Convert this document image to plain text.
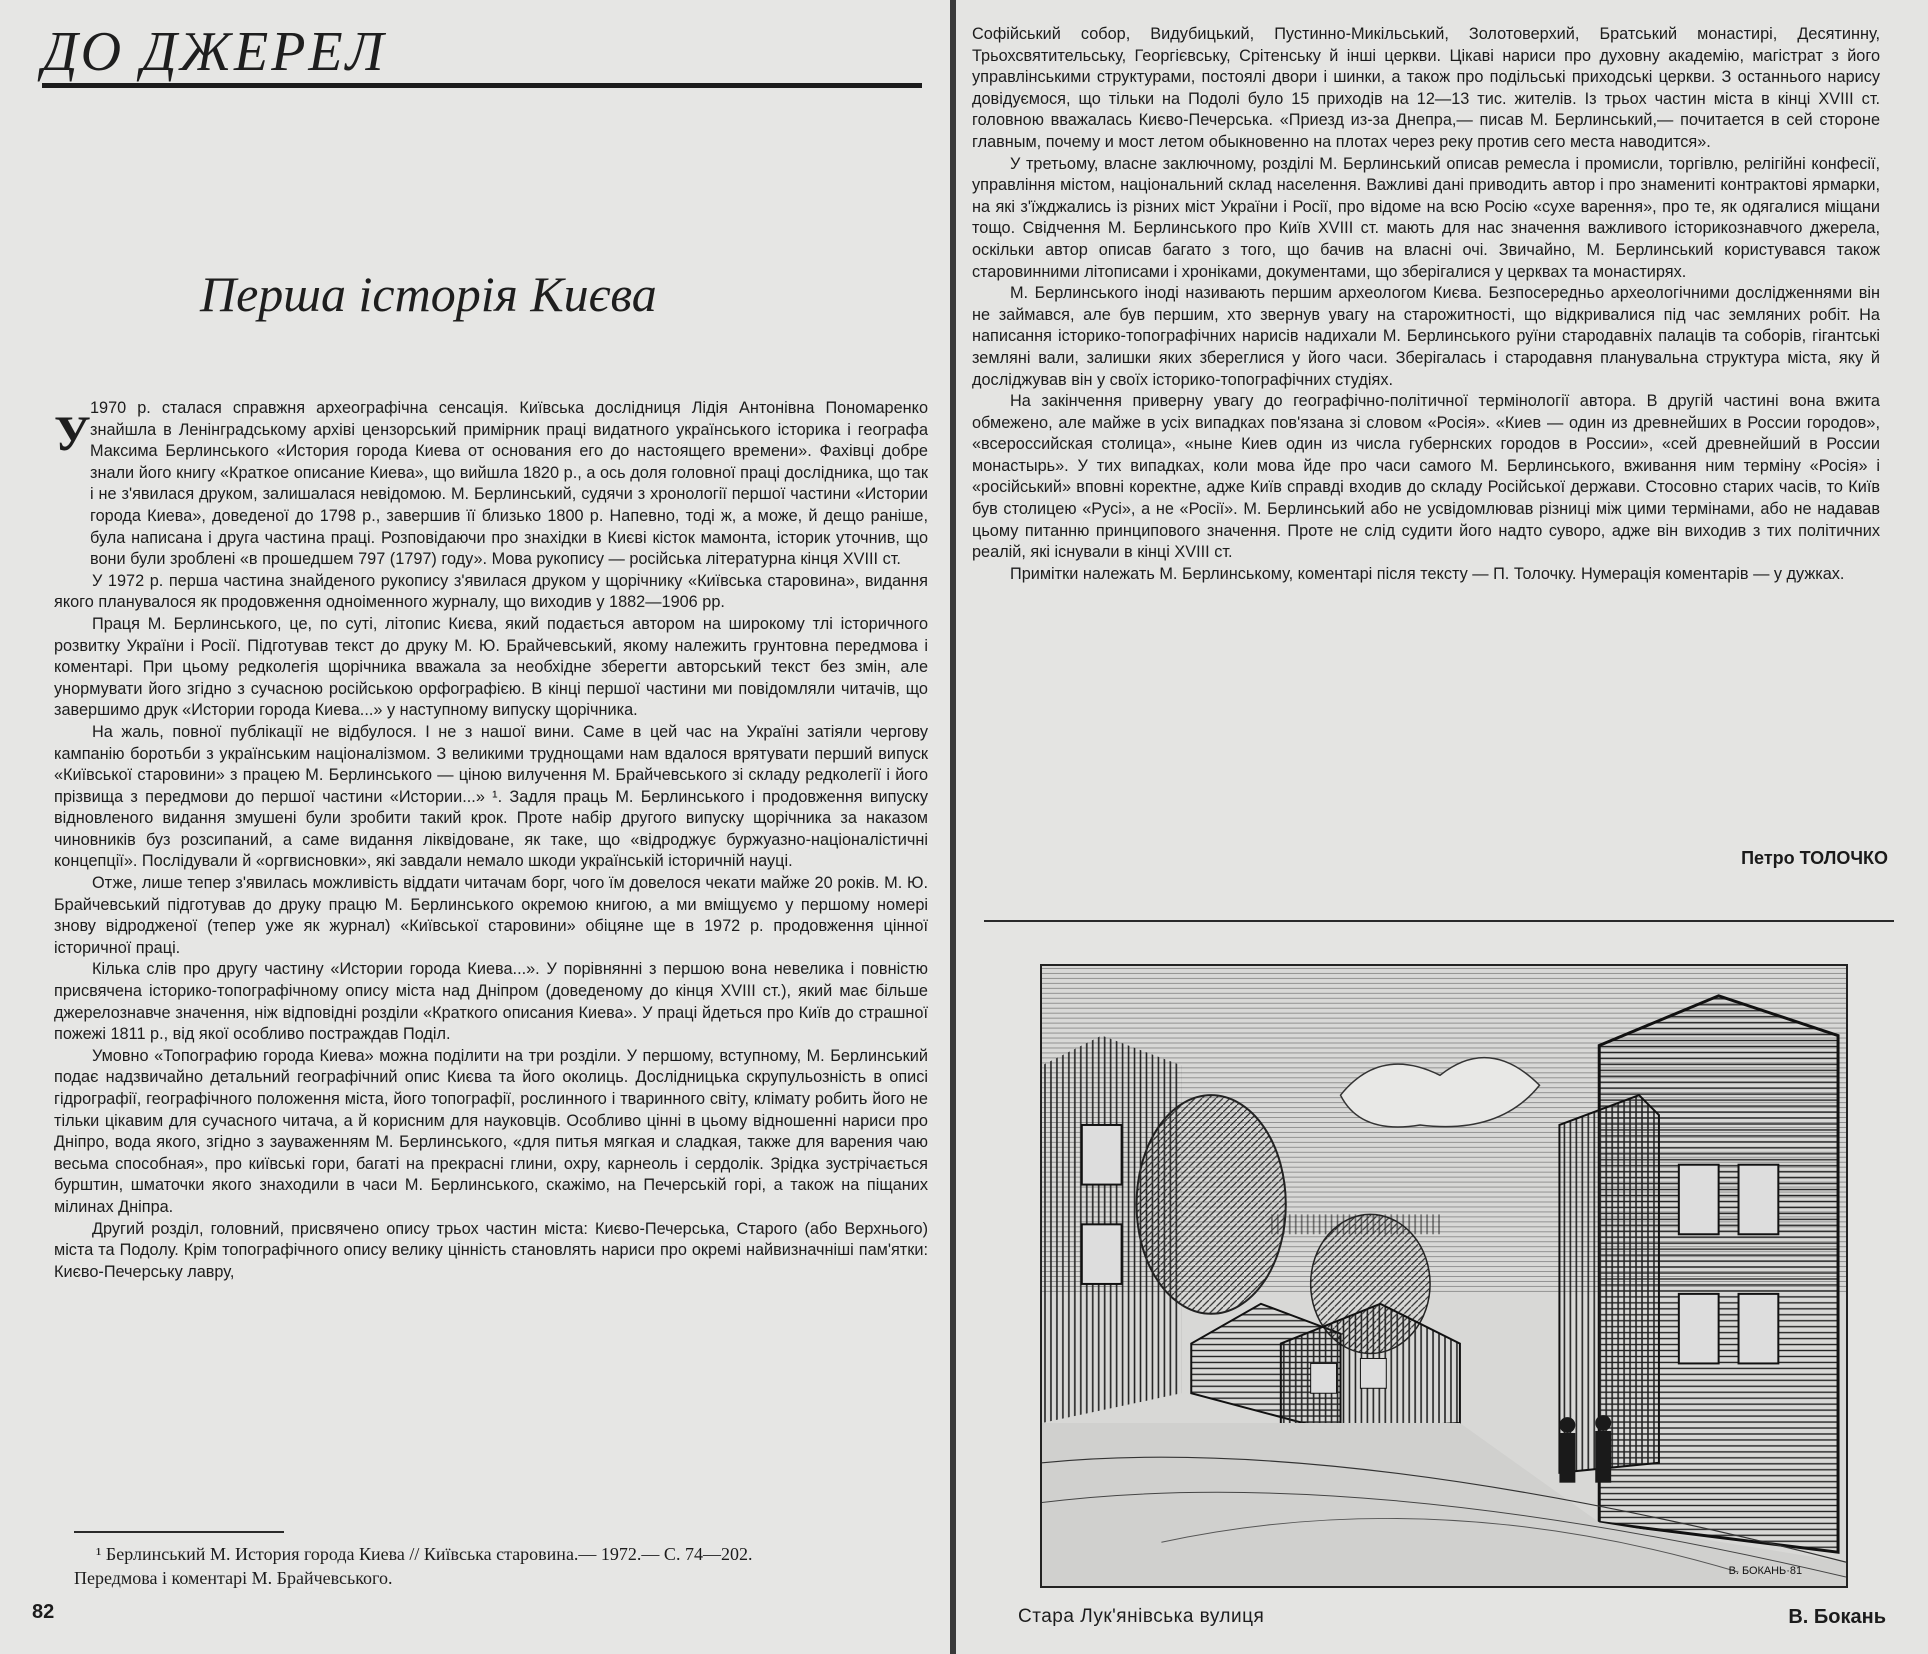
ДО ДЖЕРЕЛ
Перша історія Києва
У 1970 р. сталася справжня археографічна сенсація. Київська дослідниця Лідія Антонівна Пономаренко знайшла в Ленінградському архіві цензорський примірник праці видатного українського історика і географа Максима Берлинського «История города Киева от основания его до настоящего времени». Фахівці добре знали його книгу «Краткое описание Киева», що вийшла 1820 р., а ось доля головної праці дослідника, що так і не з'явилася друком, залишалася невідомою. М. Берлинський, судячи з хронології першої частини «Истории города Киева», доведеної до 1798 р., завершив її близько 1800 р. Напевно, тоді ж, а може, й дещо раніше, була написана і друга частина праці. Розповідаючи про знахідки в Києві кісток мамонта, історик уточнив, що вони були зроблені «в прошедшем 797 (1797) году». Мова рукопису — російська літературна кінця XVIII ст.

У 1972 р. перша частина знайденого рукопису з'явилася друком у щорічнику «Київська старовина», видання якого планувалося як продовження одноіменного журналу, що виходив у 1882—1906 рр.

Праця М. Берлинського, це, по суті, літопис Києва, який подається автором на широкому тлі історичного розвитку України і Росії. Підготував текст до друку М. Ю. Брайчевський, якому належить грунтовна передмова і коментарі. При цьому редколегія щорічника вважала за необхідне зберегти авторський текст без змін, але унормувати його згідно з сучасною російською орфографією. В кінці першої частини ми повідомляли читачів, що завершимо друк «Истории города Киева...» у наступному випуску щорічника.

На жаль, повної публікації не відбулося. І не з нашої вини. Саме в цей час на Україні затіяли чергову кампанію боротьби з українським націоналізмом. З великими труднощами нам вдалося врятувати перший випуск «Київської старовини» з працею М. Берлинського — ціною вилучення М. Брайчевського зі складу редколегії і його прізвища з передмови до першої частини «Истории...» ¹. Задля праць М. Берлинського і продовження випуску відновленого видання змушені були зробити такий крок. Проте набір другого випуску щорічника за наказом чиновників буз розсипаний, а саме видання ліквідоване, як таке, що «відроджує буржуазно-націоналістичні концепції». Послідували й «оргвисновки», які завдали немало шкоди українській історичній науці.

Отже, лише тепер з'явилась можливість віддати читачам борг, чого їм довелося чекати майже 20 років. М. Ю. Брайчевський підготував до друку працю М. Берлинського окремою книгою, а ми вміщуємо у першому номері знову відродженої (тепер уже як журнал) «Київської старовини» обіцяне ще в 1972 р. продовження цінної історичної праці.

Кілька слів про другу частину «Истории города Киева...». У порівнянні з першою вона невелика і повністю присвячена історико-топографічному опису міста над Дніпром (доведеному до кінця XVIII ст.), який має більше джерелознавче значення, ніж відповідні розділи «Краткого описания Киева». У праці йдеться про Київ до страшної пожежі 1811 р., від якої особливо постраждав Поділ.

Умовно «Топографию города Киева» можна поділити на три розділи. У першому, вступному, М. Берлинський подає надзвичайно детальний географічний опис Києва та його околиць. Дослідницька скрупульозність в описі гідрографії, географічного положення міста, його топографії, рослинного і тваринного світу, клімату робить його не тільки цікавим для сучасного читача, а й корисним для науковців. Особливо цінні в цьому відношенні нариси про Дніпро, вода якого, згідно з зауваженням М. Берлинського, «для питья мягкая и сладкая, также для варения чаю весьма способная», про київські гори, багаті на прекрасні глини, охру, карнеоль і сердолік. Зрідка зустрічається бурштин, шматочки якого знаходили в часи М. Берлинського, скажімо, на Печерській горі, а також на піщаних мілинах Дніпра.

Другий розділ, головний, присвячено опису трьох частин міста: Києво-Печерська, Старого (або Верхнього) міста та Подолу. Крім топографічного опису велику цінність становлять нариси про окремі найвизначніші пам'ятки: Києво-Печерську лавру,

¹ Берлинський М. История города Киева // Київська старовина.— 1972.— С. 74—202.
Передмова і коментарі М. Брайчевського.
82

Софійський собор, Видубицький, Пустинно-Микільський, Золотоверхий, Братський монастирі, Десятинну, Трьохсвятительську, Георгієвську, Срітенську й інші церкви. Цікаві нариси про духовну академію, магістрат з його управлінськими структурами, постоялі двори і шинки, а також про подільські приходські церкви. З останнього нарису довідуємося, що тільки на Подолі було 15 приходів на 12—13 тис. жителів. Із трьох частин міста в кінці XVIII ст. головною вважалась Києво-Печерська. «Приезд из-за Днепра,— писав М. Берлинський,— почитается в сей стороне главным, почему и мост летом обыкновенно на плотах через реку против сего места наводится».

У третьому, власне заключному, розділі М. Берлинський описав ремесла і промисли, торгівлю, релігійні конфесії, управління містом, національний склад населення. Важливі дані приводить автор і про знамениті контрактові ярмарки, на які з'їжджались із різних міст України і Росії, про відоме на всю Росію «сухе варення», про те, як одягалися міщани тощо. Свідчення М. Берлинського про Київ XVIII ст. мають для нас значення важливого історикознавчого джерела, оскільки автор описав багато з того, що бачив на власні очі. Звичайно, М. Берлинський користувався також старовинними літописами і хроніками, документами, що зберігалися у церквах та монастирях.

М. Берлинського іноді називають першим археологом Києва. Безпосередньо археологічними дослідженнями він не займався, але був першим, хто звернув увагу на старожитності, що відкривалися під час земляних робіт. На написання історико-топографічних нарисів надихали М. Берлинського руїни стародавніх палаців та соборів, гігантські земляні вали, залишки яких збереглися у його часи. Зберігалась і стародавня планувальна структура міста, яку й досліджував він у своїх історико-топографічних студіях.

На закінчення приверну увагу до географічно-політичної термінології автора. В другій частині вона вжита обмежено, але майже в усіх випадках пов'язана зі словом «Росія». «Киев — один из древнейших в России городов», «всероссийская столица», «ныне Киев один из числа губернских городов в России», «сей древнейший в России монастырь». У тих випадках, коли мова йде про часи самого М. Берлинського, вживання ним терміну «Росія» і «російський» вповні коректне, адже Київ справді входив до складу Російської держави. Стосовно старих часів, то Київ був столицею «Русі», а не «Росії». М. Берлинський або не усвідомлював різниці між цими термінами, або не надавав цьому питанню принципового значення. Проте не слід судити його надто суворо, адже він виходив з тих політичних реалій, які існували в кінці XVIII ст.

Примітки належать М. Берлинському, коментарі після тексту — П. Толочку. Нумерація коментарів — у дужках.

Петро ТОЛОЧКО
В. БОКАНЬ·81
Стара Лук'янівська вулиця	В. Бокань
